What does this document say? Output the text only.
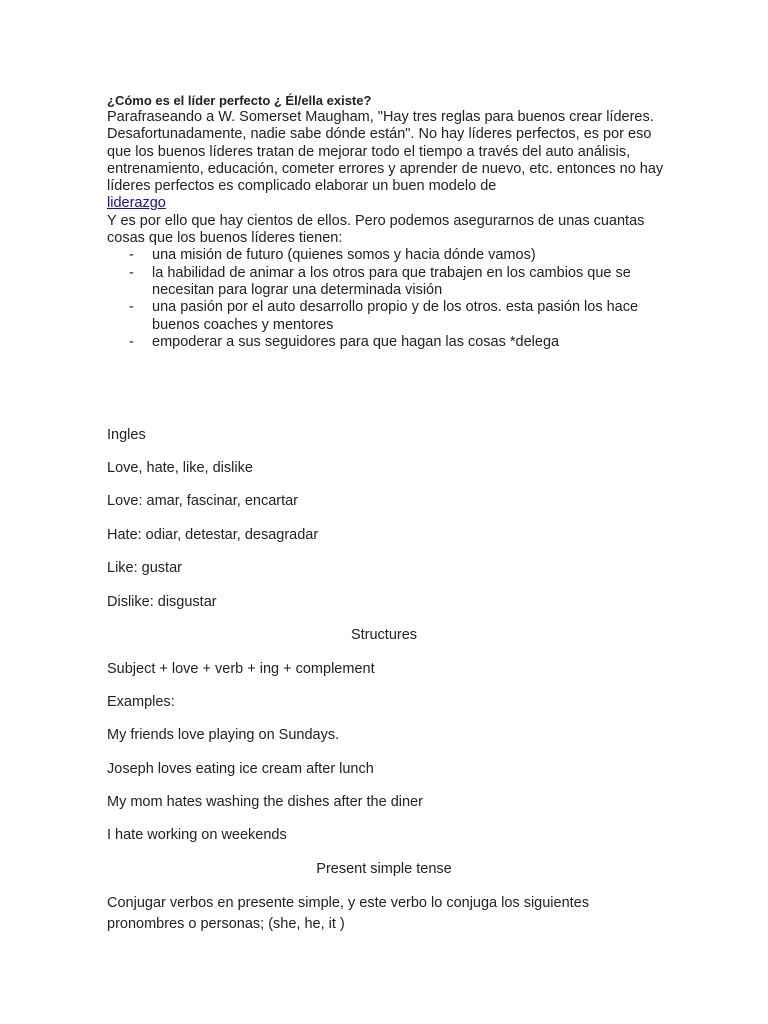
¿Cómo es el líder perfecto ¿ Él/ella existe?

Parafraseando a W. Somerset Maugham, "Hay tres reglas para buenos crear líderes. Desafortunadamente, nadie sabe dónde están". No hay líderes perfectos, es por eso que los buenos líderes tratan de mejorar todo el tiempo a través del auto análisis, entrenamiento, educación, cometer errores y aprender de nuevo, etc. entonces no hay líderes perfectos es complicado elaborar un buen modelo de
liderazgo

Y es por ello que hay cientos de ellos. Pero podemos asegurarnos de unas cuantas cosas que los buenos líderes tienen:

- una misión de futuro (quienes somos y hacia dónde vamos)
- la habilidad de animar a los otros para que trabajen en los cambios que se necesitan para lograr una determinada visión
- una pasión por el auto desarrollo propio y de los otros. esta pasión los hace buenos coaches y mentores
- empoderar a sus seguidores para que hagan las cosas *delega
Ingles
Love, hate, like, dislike
Love: amar, fascinar, encartar
Hate: odiar, detestar, desagradar
Like: gustar
Dislike: disgustar
Structures
Subject + love + verb + ing + complement
Examples:
My friends love playing on Sundays.
Joseph loves eating ice cream after lunch
My mom hates washing the dishes after the diner
I hate working on weekends
Present simple tense
Conjugar verbos en presente simple, y este verbo lo conjuga los siguientes pronombres o personas; (she, he, it )
